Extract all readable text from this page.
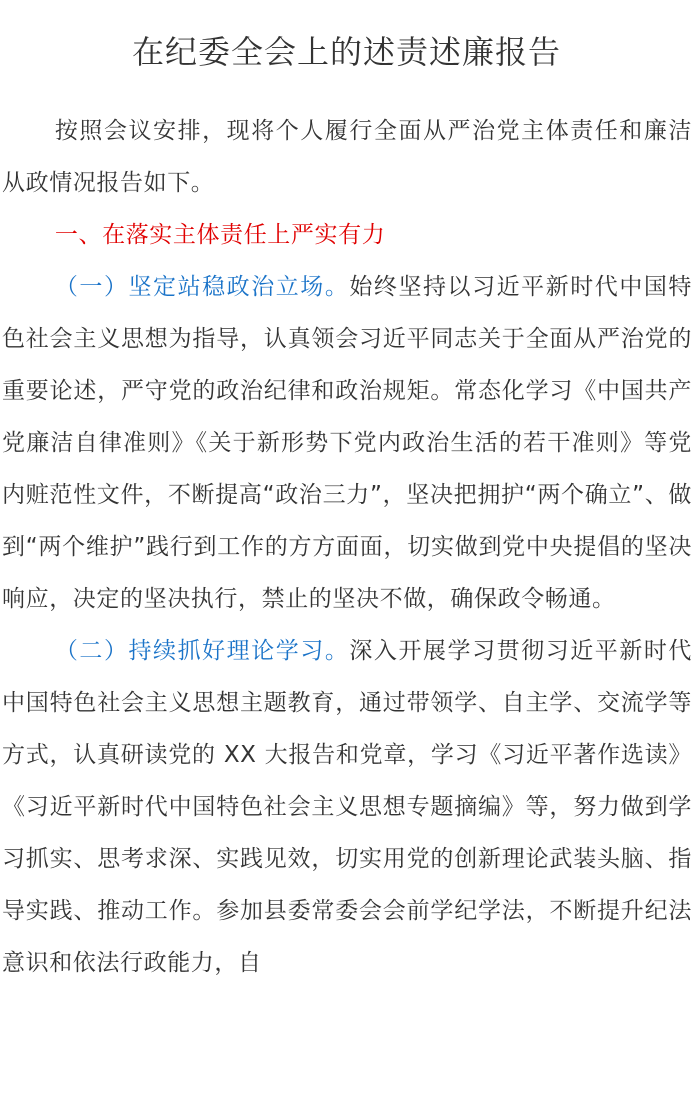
在纪委全会上的述责述廉报告

按照会议安排，现将个人履行全面从严治党主体责任和廉洁从政情况报告如下。

一、在落实主体责任上严实有力

（一）坚定站稳政治立场。始终坚持以习近平新时代中国特色社会主义思想为指导，认真领会习近平同志关于全面从严治党的重要论述，严守党的政治纪律和政治规矩。常态化学习《中国共产党廉洁自律准则》《关于新形势下党内政治生活的若干准则》等党内赃范性文件，不断提高“政治三力”，坚决把拥护“两个确立”、做到“两个维护”践行到工作的方方面面，切实做到党中央提倡的坚决响应，决定的坚决执行，禁止的坚决不做，确保政令畅通。

（二）持续抓好理论学习。深入开展学习贯彻习近平新时代中国特色社会主义思想主题教育，通过带领学、自主学、交流学等方式，认真研读党的 XX 大报告和党章，学习《习近平著作选读》《习近平新时代中国特色社会主义思想专题摘编》等，努力做到学习抓实、思考求深、实践见效，切实用党的创新理论武装头脑、指导实践、推动工作。参加县委常委会会前学纪学法，不断提升纪法意识和依法行政能力，自
